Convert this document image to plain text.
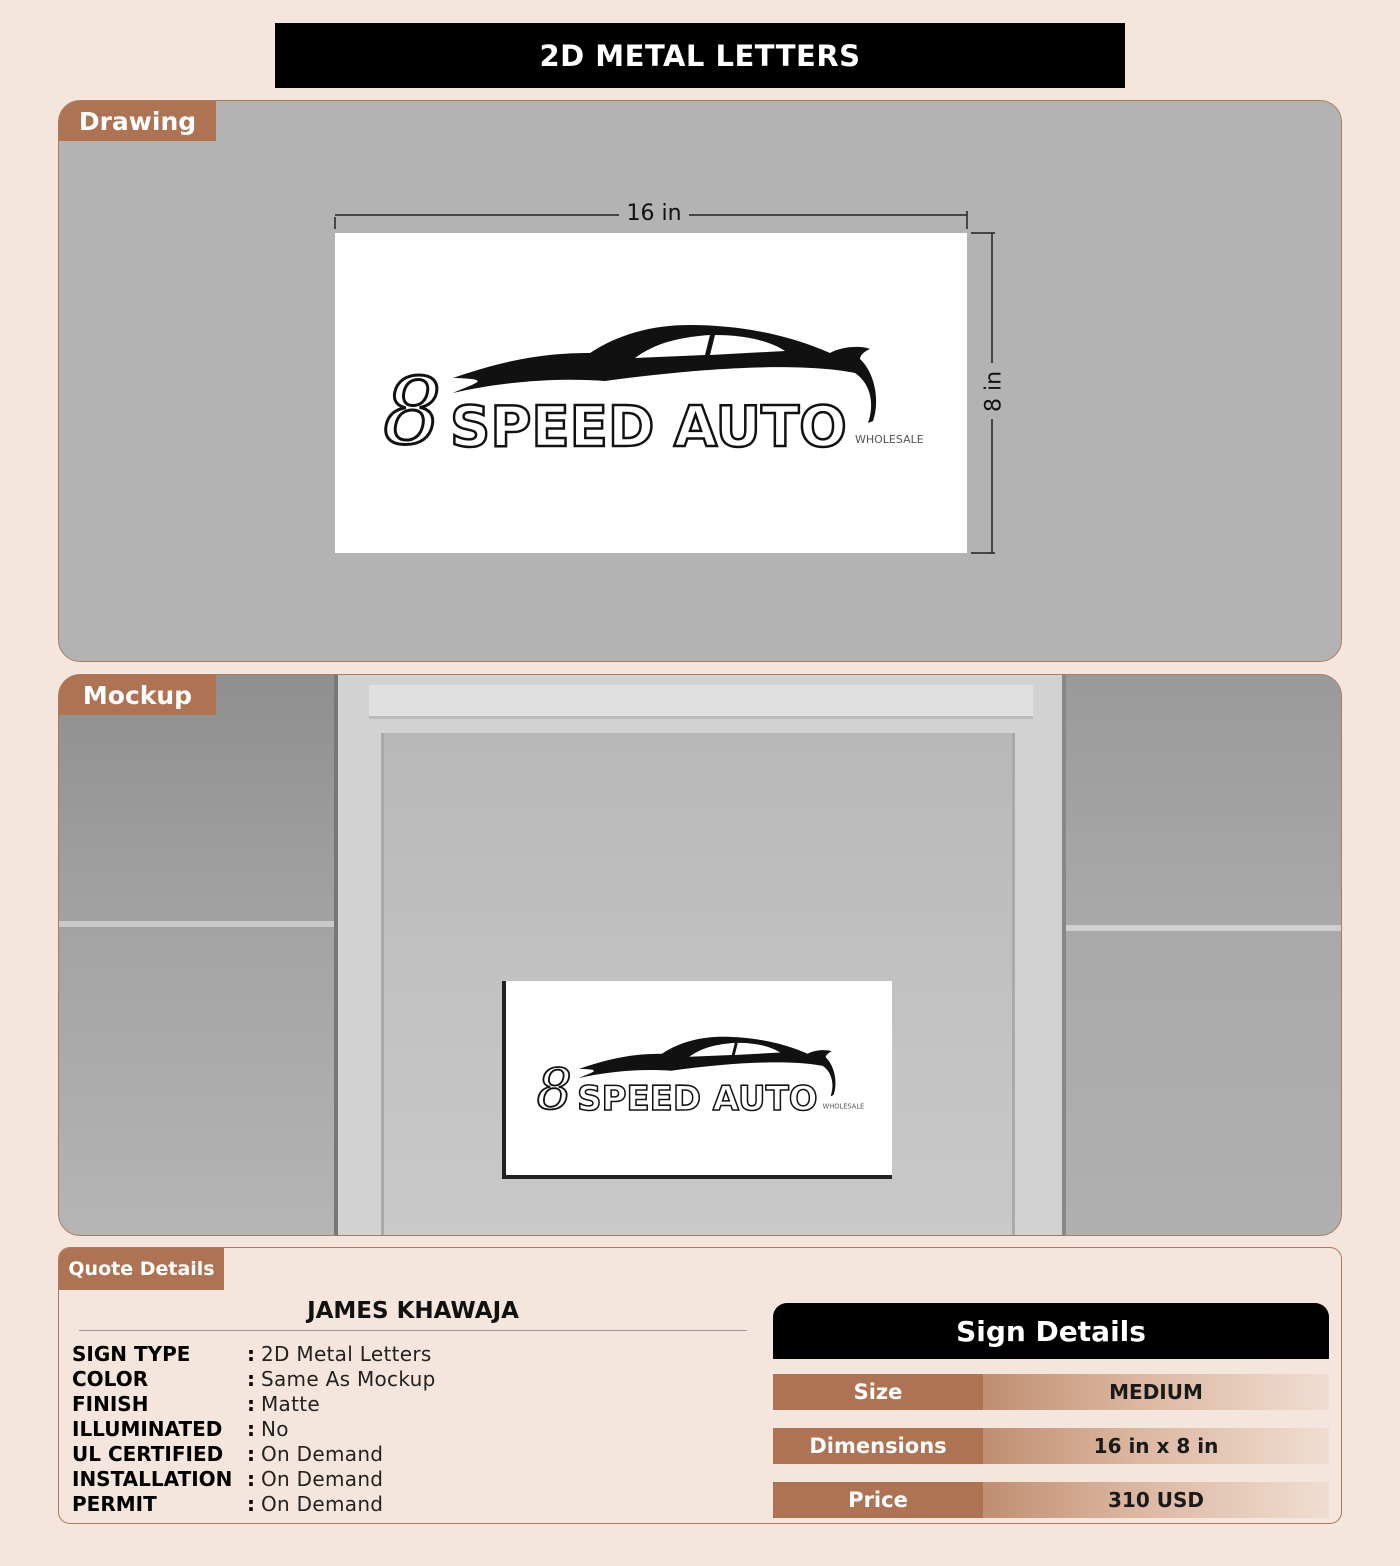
2D METAL LETTERS
Drawing
16 in
8 in
8 SPEED AUTO WHOLESALE
Mockup
8 SPEED AUTO WHOLESALE
Quote Details
JAMES KHAWAJA
SIGN TYPE	: 2D Metal Letters
COLOR	: Same As Mockup
FINISH	: Matte
ILLUMINATED	: No
UL CERTIFIED	: On Demand
INSTALLATION : On Demand
PERMIT	: On Demand
Sign Details
Size	MEDIUM
Dimensions	16 in x 8 in
Price	310 USD
